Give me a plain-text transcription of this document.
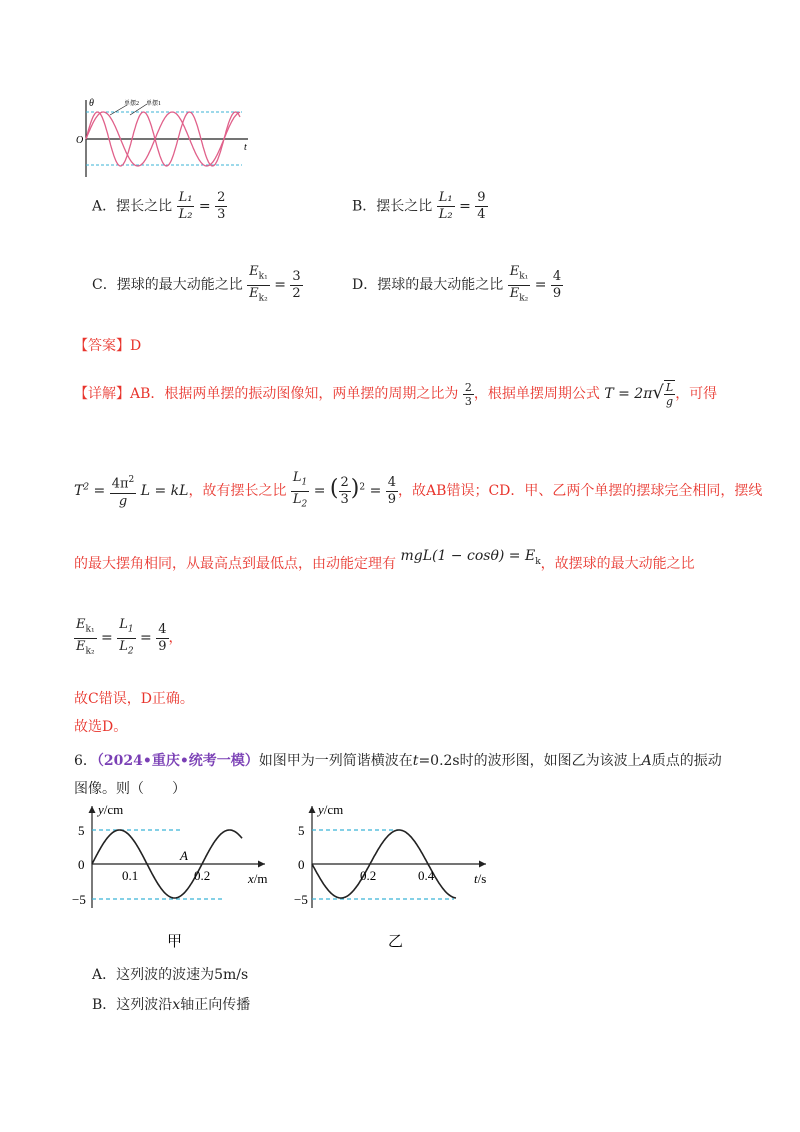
θ
t
O
单摆2 单摆1
A．摆长之比 $\frac{\text{L₁}}{\text{L₂}} = \frac{2}{3}$	B．摆长之比 $\frac{\text{L₁}}{\text{L₂}} = \frac{9}{4}$
C．摆球的最大动能之比 $\frac{E_{k_1}}{E_{k_2}} = \frac{3}{2}$	D．摆球的最大动能之比 $\frac{E_{k_1}}{E_{k_2}} = \frac{4}{9}$
【答案】D
【详解】AB．根据两单摆的振动图像知，两单摆的周期之比为 $\frac{2}{3}$ ，根据单摆周期公式 $T = 2\pi√ \frac{L}{g}$ ，可得
$T^2 = \frac{4\pi^2}{g}$ L = kL，故有摆长之比 $\frac{L_1}{L_2}$ = ( $\frac{2}{3} )^2 = \frac{4}{9}$ ，故AB错误；CD．甲、乙两个单摆的摆球完全相同，摆线
的最大摆角相同，从最高点到最低点，由动能定理有 $mgL(1 - \cos\theta) = E_k$，故摆球的最大动能之比
$\frac{E_{k_1}}{E_{k_2}} = \frac{L_1}{L_2} = \frac{4}{9}$ ，
故C错误，D正确。
故选D。
6．（2024•重庆•统考一模）如图甲为一列简谐横波在t=0.2s时的波形图，如图乙为该波上A质点的振动
图像。则（　　）
y/cm
x/m
5
0
−5
0.1	0.2
A
甲
y/cm
t/s
5
0
−5
0.2	0.4
乙
A．这列波的波速为5m/s
B．这列波沿x轴正向传播
